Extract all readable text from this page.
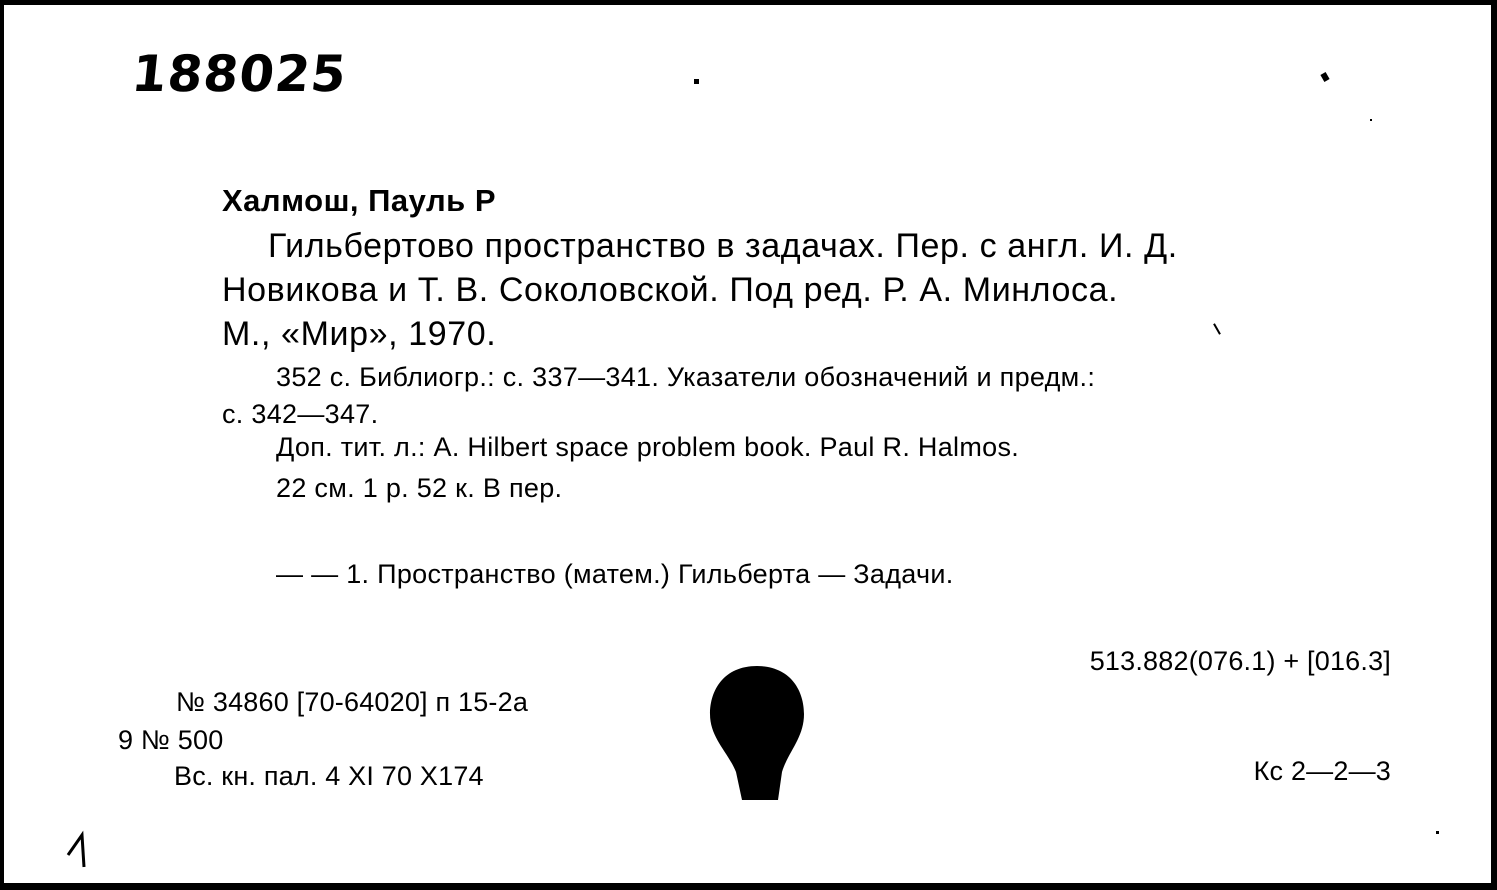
188025
Халмош, Пауль Р
Гильбертово пространство в задачах. Пер. с англ. И. Д.
Новикова и Т. В. Соколовской. Под ред. Р. А. Минлоса.
М., «Мир», 1970.
352 с. Библиогр.: с. 337—341. Указатели обозначений и предм.:
с. 342—347.
Доп. тит. л.: A. Hilbert space problem book. Paul R. Halmos.
22 см. 1 р. 52 к. В пер.
— — 1. Пространство (матем.) Гильберта — Задачи.
513.882(076.1) + [016.3]
№ 34860 [70-64020] п 15-2а
9 № 500
Вс. кн. пал. 4 XI 70 Х174	Кс 2—2—3
